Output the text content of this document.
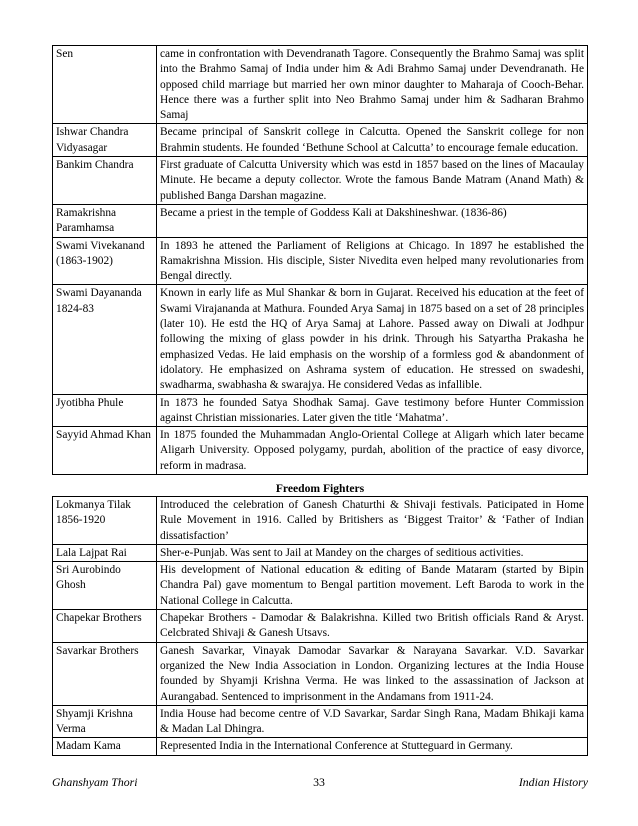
Sen	came in confrontation with Devendranath Tagore. Consequently the Brahmo Samaj was split into the Brahmo Samaj of India under him & Adi Brahmo Samaj under Devendranath. He opposed child marriage but married her own minor daughter to Maharaja of Cooch-Behar. Hence there was a further split into Neo Brahmo Samaj under him & Sadharan Brahmo Samaj
Ishwar Chandra Vidyasagar	Became principal of Sanskrit college in Calcutta. Opened the Sanskrit college for non Brahmin students. He founded ‘Bethune School at Calcutta’ to encourage female education.
Bankim Chandra	First graduate of Calcutta University which was estd in 1857 based on the lines of Macaulay Minute. He became a deputy collector. Wrote the famous Bande Matram (Anand Math) & published Banga Darshan magazine.
Ramakrishna Paramhamsa	Became a priest in the temple of Goddess Kali at Dakshineshwar. (1836-86)
Swami Vivekanand (1863-1902)	In 1893 he attened the Parliament of Religions at Chicago. In 1897 he established the Ramakrishna Mission. His disciple, Sister Nivedita even helped many revolutionaries from Bengal directly.
Swami Dayananda 1824-83	Known in early life as Mul Shankar & born in Gujarat. Received his education at the feet of Swami Virajananda at Mathura. Founded Arya Samaj in 1875 based on a set of 28 principles (later 10). He estd the HQ of Arya Samaj at Lahore. Passed away on Diwali at Jodhpur following the mixing of glass powder in his drink. Through his Satyartha Prakasha he emphasized Vedas. He laid emphasis on the worship of a formless god & abandonment of idolatory. He emphasized on Ashrama system of education. He stressed on swadeshi, swadharma, swabhasha & swarajya. He considered Vedas as infallible.
Jyotibha Phule	In 1873 he founded Satya Shodhak Samaj. Gave testimony before Hunter Commission against Christian missionaries. Later given the title ‘Mahatma’.
Sayyid Ahmad Khan	In 1875 founded the Muhammadan Anglo-Oriental College at Aligarh which later became Aligarh University. Opposed polygamy, purdah, abolition of the practice of easy divorce, reform in madrasa.
Freedom Fighters
Lokmanya Tilak 1856-1920	Introduced the celebration of Ganesh Chaturthi & Shivaji festivals. Paticipated in Home Rule Movement in 1916. Called by Britishers as ‘Biggest Traitor’ & ‘Father of Indian dissatisfaction’
Lala Lajpat Rai	Sher-e-Punjab. Was sent to Jail at Mandey on the charges of seditious activities.
Sri Aurobindo Ghosh	His development of National education & editing of Bande Mataram (started by Bipin Chandra Pal) gave momentum to Bengal partition movement. Left Baroda to work in the National College in Calcutta.
Chapekar Brothers	Chapekar Brothers - Damodar & Balakrishna. Killed two British officials Rand & Aryst. Celcbrated Shivaji & Ganesh Utsavs.
Savarkar Brothers	Ganesh Savarkar, Vinayak Damodar Savarkar & Narayana Savarkar. V.D. Savarkar organized the New India Association in London. Organizing lectures at the India House founded by Shyamji Krishna Verma. He was linked to the assassination of Jackson at Aurangabad. Sentenced to imprisonment in the Andamans from 1911-24.
Shyamji Krishna Verma	India House had become centre of V.D Savarkar, Sardar Singh Rana, Madam Bhikaji kama & Madan Lal Dhingra.
Madam Kama	Represented India in the International Conference at Stutteguard in Germany.
Ghanshyam Thori	33	Indian History
